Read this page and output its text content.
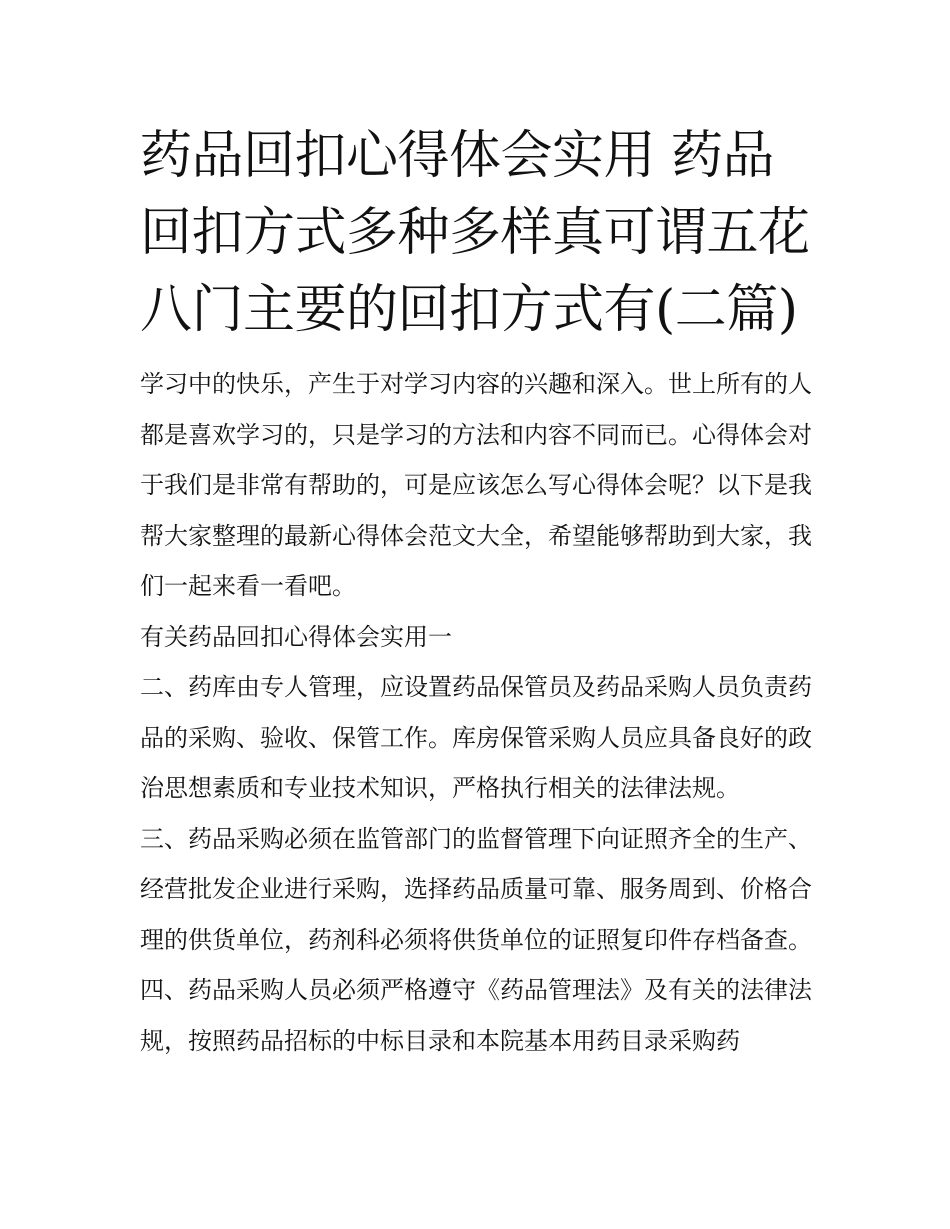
药品回扣心得体会实用 药品回扣方式多种多样真可谓五花八门主要的回扣方式有(二篇)

学习中的快乐，产生于对学习内容的兴趣和深入。世上所有的人都是喜欢学习的，只是学习的方法和内容不同而已。心得体会对于我们是非常有帮助的，可是应该怎么写心得体会呢？以下是我帮大家整理的最新心得体会范文大全，希望能够帮助到大家，我们一起来看一看吧。

有关药品回扣心得体会实用一

二、药库由专人管理，应设置药品保管员及药品采购人员负责药品的采购、验收、保管工作。库房保管采购人员应具备良好的政治思想素质和专业技术知识，严格执行相关的法律法规。

三、药品采购必须在监管部门的监督管理下向证照齐全的生产、经营批发企业进行采购，选择药品质量可靠、服务周到、价格合理的供货单位，药剂科必须将供货单位的证照复印件存档备查。

四、药品采购人员必须严格遵守《药品管理法》及有关的法律法规，按照药品招标的中标目录和本院基本用药目录采购药
